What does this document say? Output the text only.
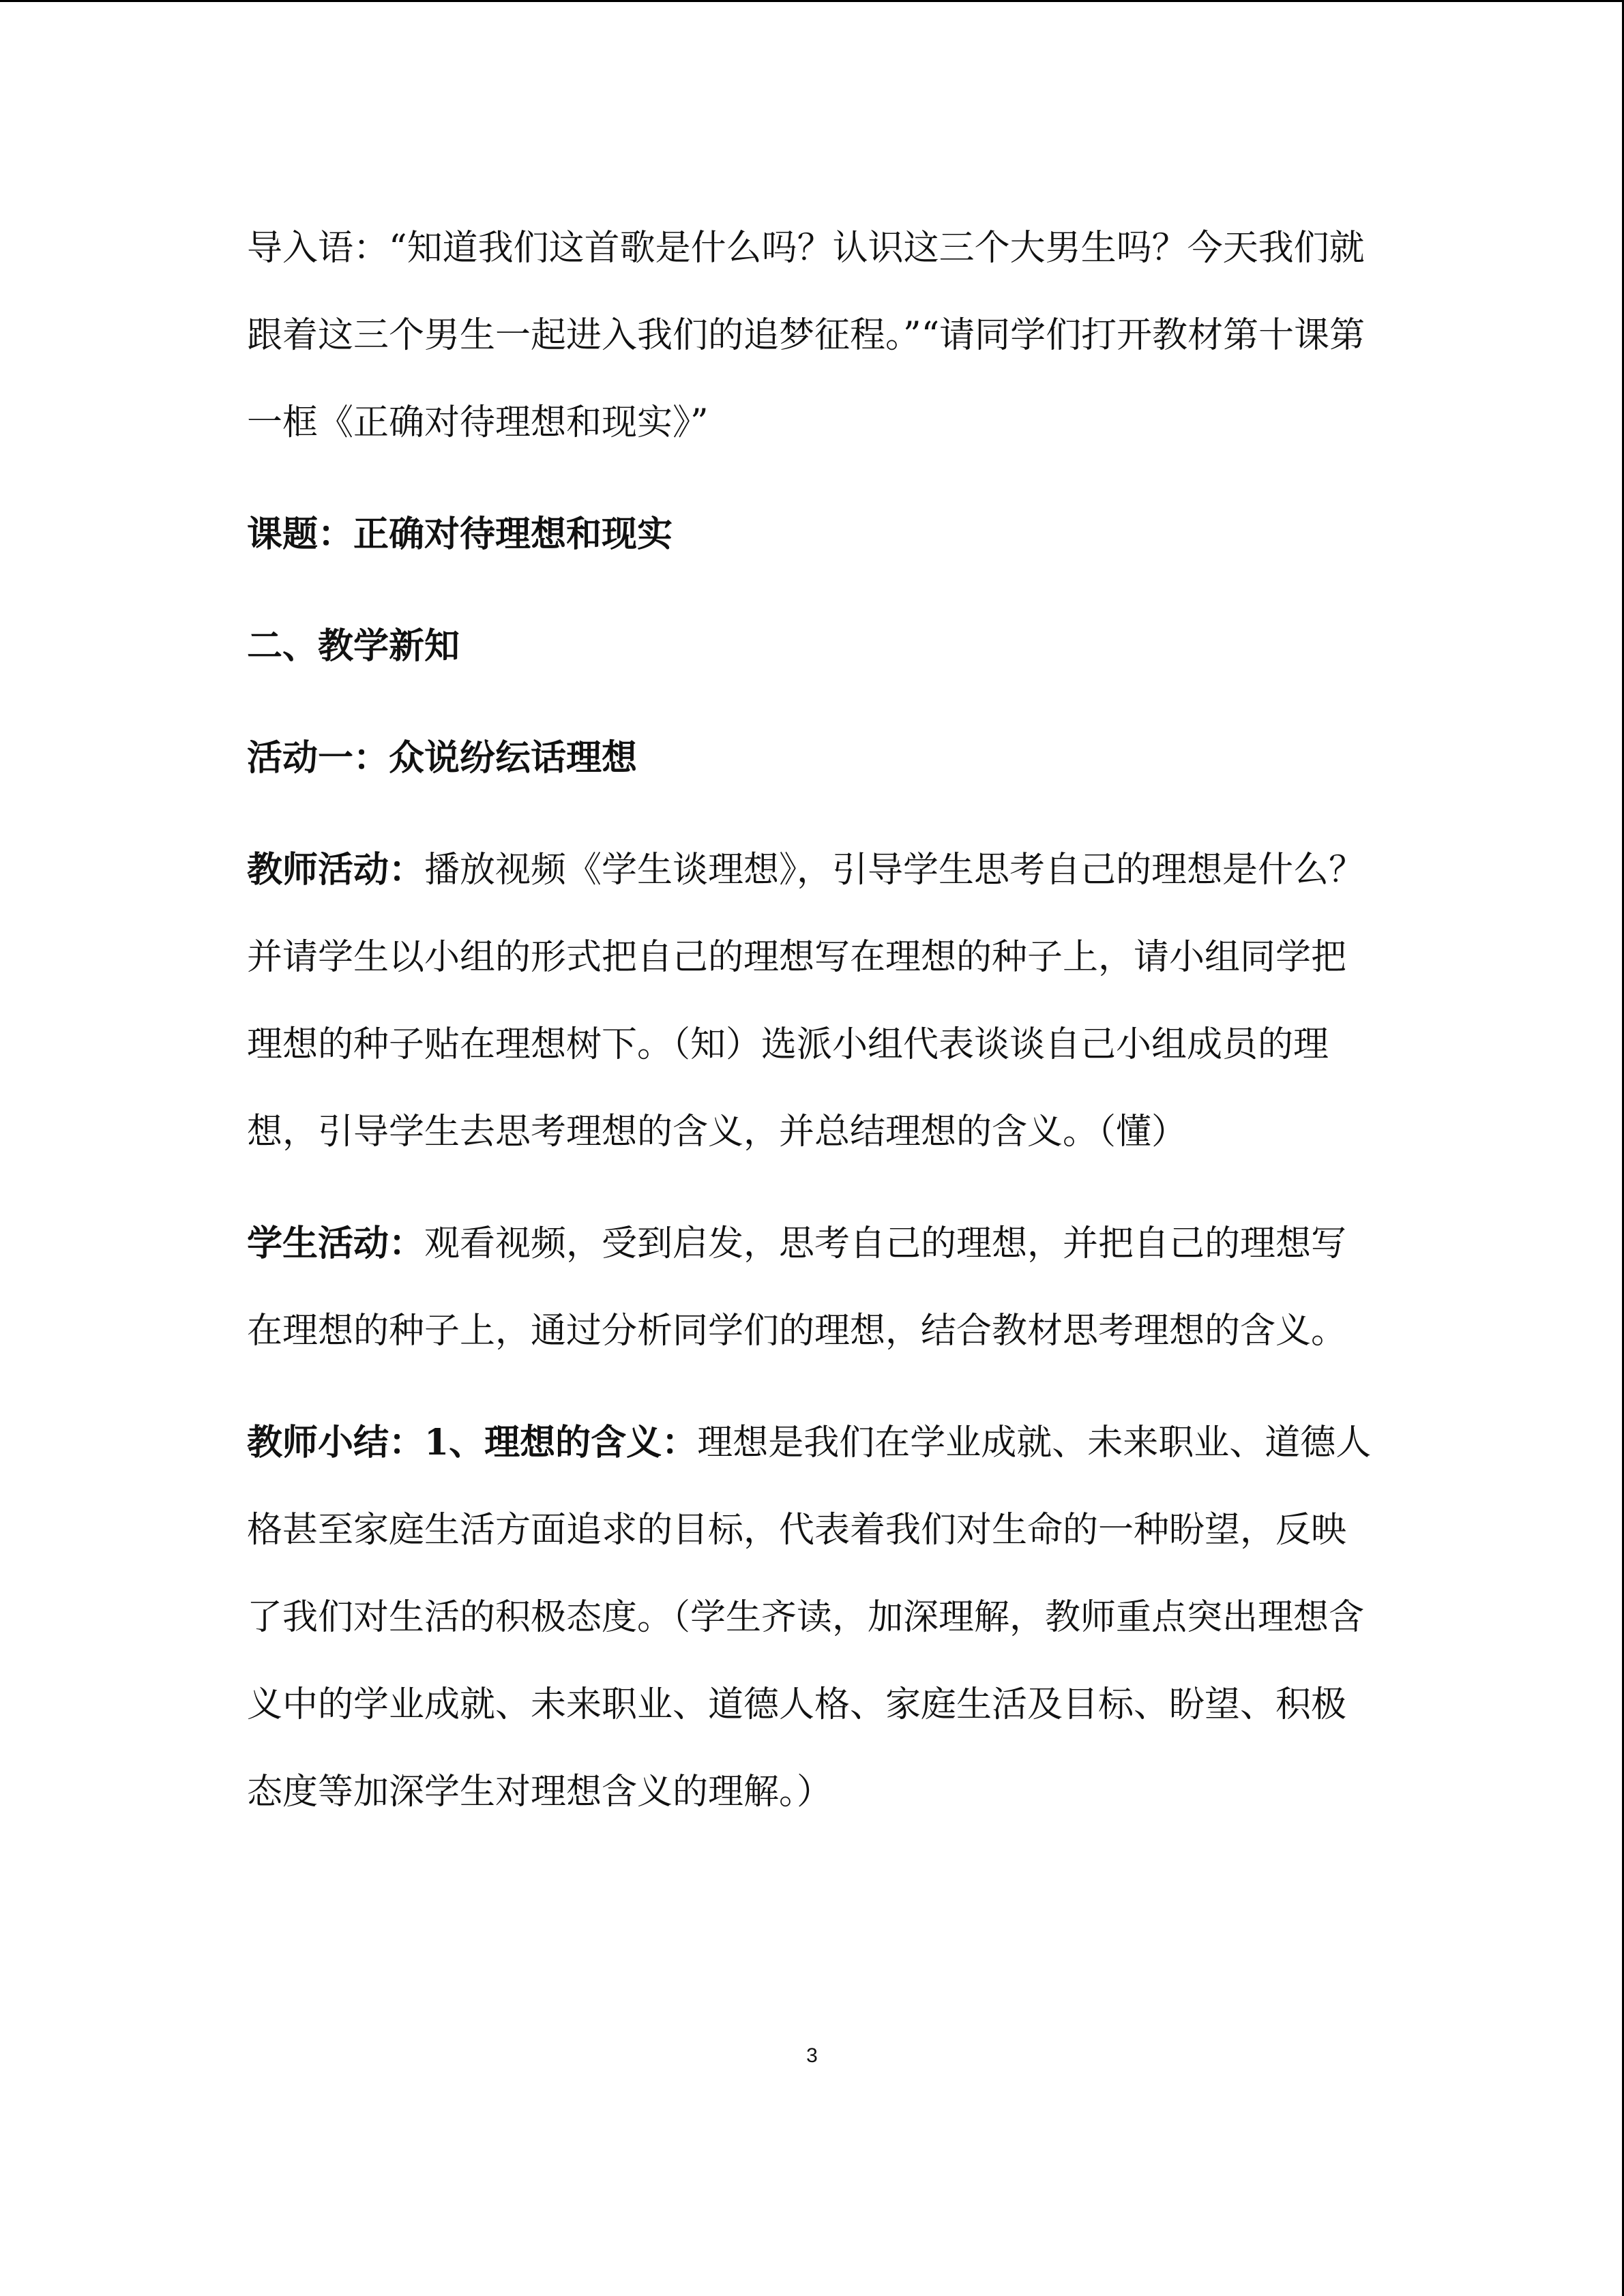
导入语：“知道我们这首歌是什么吗？认识这三个大男生吗？今天我们就跟着这三个男生一起进入我们的追梦征程。”“请同学们打开教材第十课第一框《正确对待理想和现实》”

课题：正确对待理想和现实

二、教学新知

活动一：众说纷纭话理想

教师活动：播放视频《学生谈理想》，引导学生思考自己的理想是什么？并请学生以小组的形式把自己的理想写在理想的种子上，请小组同学把理想的种子贴在理想树下。（知）选派小组代表谈谈自己小组成员的理想，引导学生去思考理想的含义，并总结理想的含义。（懂）

学生活动：观看视频，受到启发，思考自己的理想，并把自己的理想写在理想的种子上，通过分析同学们的理想，结合教材思考理想的含义。

教师小结：1、理想的含义：理想是我们在学业成就、未来职业、道德人格甚至家庭生活方面追求的目标，代表着我们对生命的一种盼望，反映了我们对生活的积极态度。（学生齐读，加深理解，教师重点突出理想含义中的学业成就、未来职业、道德人格、家庭生活及目标、盼望、积极态度等加深学生对理想含义的理解。）

3
